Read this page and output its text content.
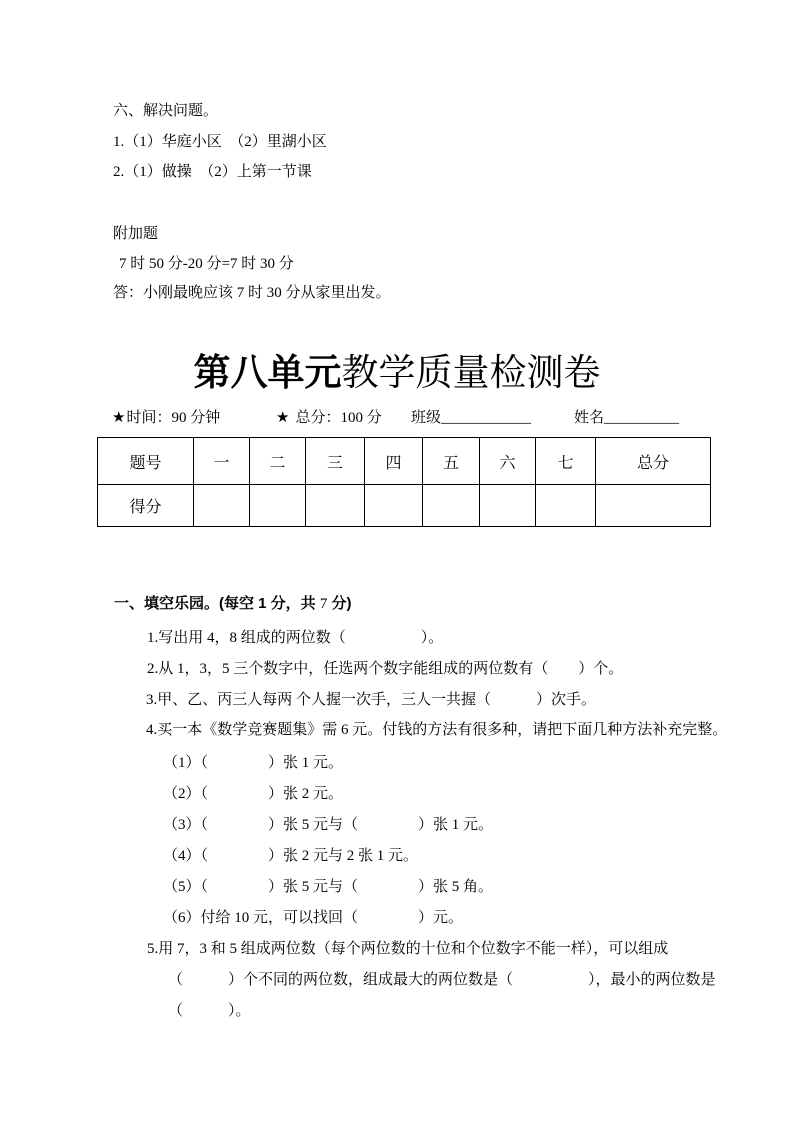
六、解决问题。
1.（1）华庭小区　（2）里湖小区
2.（1）做操　（2）上第一节课
附加题
7 时 50 分-20 分=7 时 30 分
答：小刚最晚应该 7 时 30 分从家里出发。
第八单元教学质量检测卷
★时间：90 分钟	★ 总分：100 分 班级____________	姓名__________
题号	一	二	三	四	五	六	七	总分
得分								
一、填空乐园。(每空 1 分，共 7 分)
1.写出用 4，8 组成的两位数（　　　　　）。
2.从 1，3，5 三个数字中，任选两个数字能组成的两位数有（　　）个。
3.甲、乙、丙三人每两 个人握一次手，三人一共握（　　　）次手。
4.买一本《数学竞赛题集》需 6 元。付钱的方法有很多种，请把下面几种方法补充完整。
（1）（　　　　）张 1 元。
（2）（　　　　）张 2 元。
（3）（　　　　）张 5 元与（　　　　）张 1 元。
（4）（　　　　）张 2 元与 2 张 1 元。
（5）（　　　　）张 5 元与（　　　　）张 5 角。
（6）付给 10 元，可以找回（　　　　）元。
5.用 7，3 和 5 组成两位数（每个两位数的十位和个位数字不能一样），可以组成
（　　　）个不同的两位数，组成最大的两位数是（　　　　　），最小的两位数是
（　　　）。
